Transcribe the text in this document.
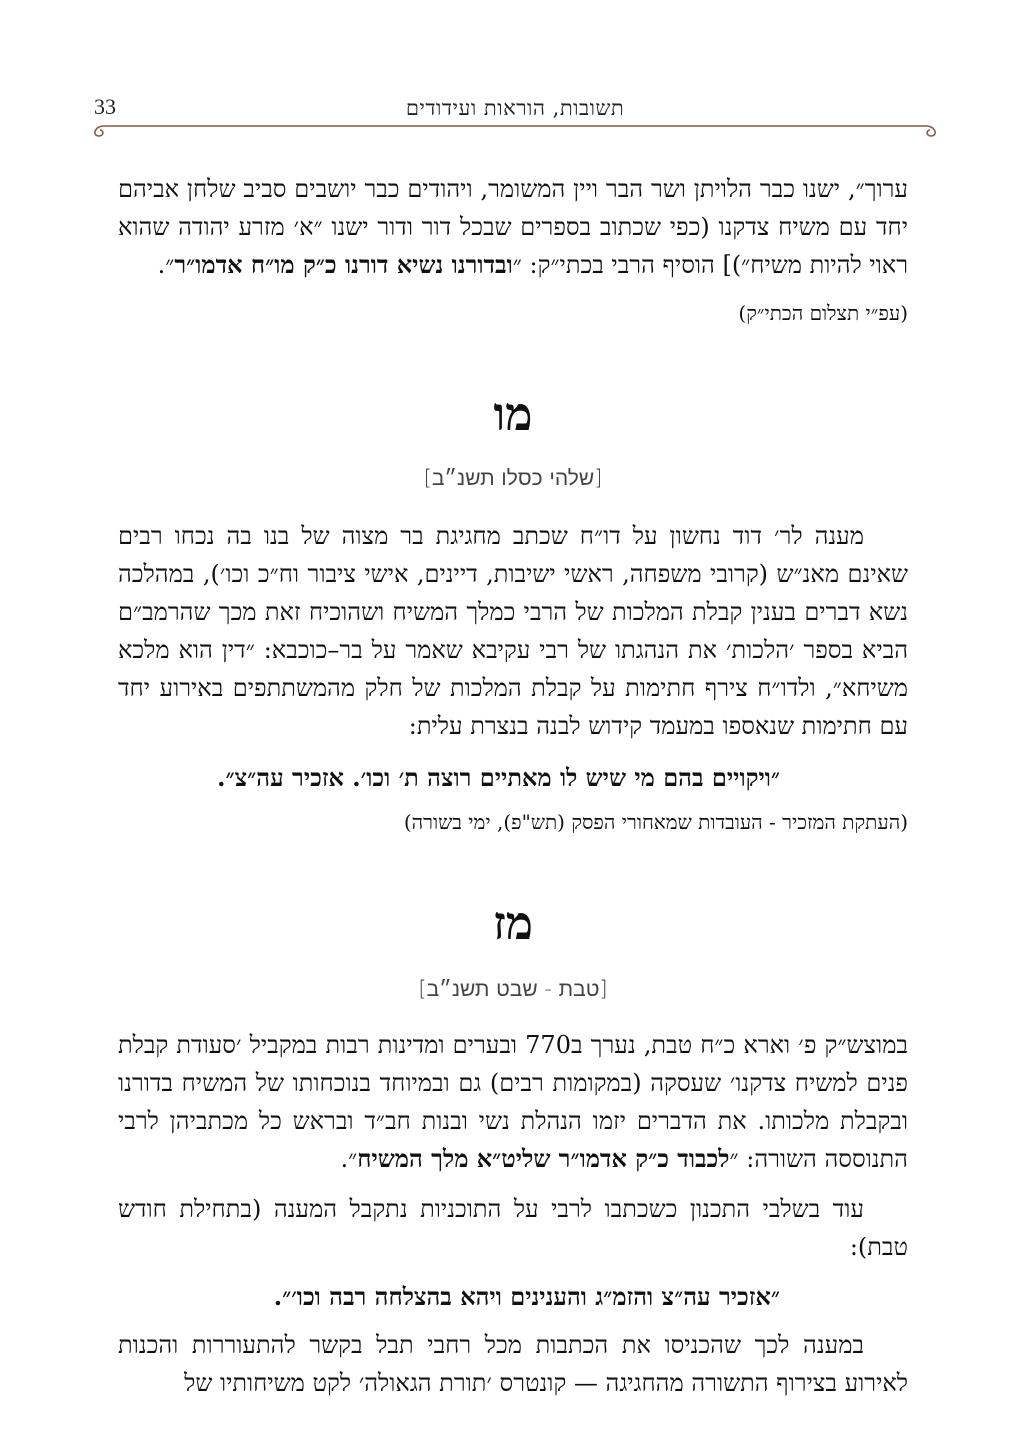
33	תשובות, הוראות ועידודים

ערוך״, ישנו כבר הלויתן ושר הבר ויין המשומר, ויהודים כבר יושבים סביב שלחן אביהם יחד עם משיח צדקנו (כפי שכתוב בספרים שבכל דור ודור ישנו ״א׳ מזרע יהודה שהוא ראוי להיות משיח״)] הוסיף הרבי בכתי״ק: ״ובדורנו נשיא דורנו כ״ק מו״ח אדמו״ר״.

(עפ״י תצלום הכתי״ק)

מו

[שלהי כסלו תשנ״ב]

מענה לר׳ דוד נחשון על דו״ח שכתב מחגיגת בר מצוה של בנו בה נכחו רבים שאינם מאנ״ש (קרובי משפחה, ראשי ישיבות, דיינים, אישי ציבור וח״כ וכו׳), במהלכה נשא דברים בענין קבלת המלכות של הרבי כמלך המשיח ושהוכיח זאת מכך שהרמב״ם הביא בספר ׳הלכות׳ את הנהגתו של רבי עקיבא שאמר על בר–כוכבא: ״דין הוא מלכא משיחא״, ולדו״ח צירף חתימות על קבלת המלכות של חלק מהמשתתפים באירוע יחד עם חתימות שנאספו במעמד קידוש לבנה בנצרת עלית:

״ויקויים בהם מי שיש לו מאתיים רוצה ת׳ וכו׳. אזכיר עה״צ״.

(העתקת המזכיר - העובדות שמאחורי הפסק (תש"פ), ימי בשורה)

מז

[טבת - שבט תשנ״ב]

במוצש״ק פ׳ וארא כ״ח טבת, נערך ב770 ובערים ומדינות רבות במקביל ׳סעודת קבלת פנים למשיח צדקנו׳ שעסקה (במקומות רבים) גם ובמיוחד בנוכחותו של המשיח בדורנו ובקבלת מלכותו. את הדברים יזמו הנהלת נשי ובנות חב״ד ובראש כל מכתביהן לרבי התנוססה השורה: ״לכבוד כ״ק אדמו״ר שליט״א מלך המשיח״.

עוד בשלבי התכנון כשכתבו לרבי על התוכניות נתקבל המענה (בתחילת חודש טבת):

״אזכיר עה״צ והזמ״ג והענינים ויהא בהצלחה רבה וכו׳״.

במענה לכך שהכניסו את הכתבות מכל רחבי תבל בקשר להתעוררות והכנות לאירוע בצירוף התשורה מהחגיגה — קונטרס ׳תורת הגאולה׳ לקט משיחותיו של
